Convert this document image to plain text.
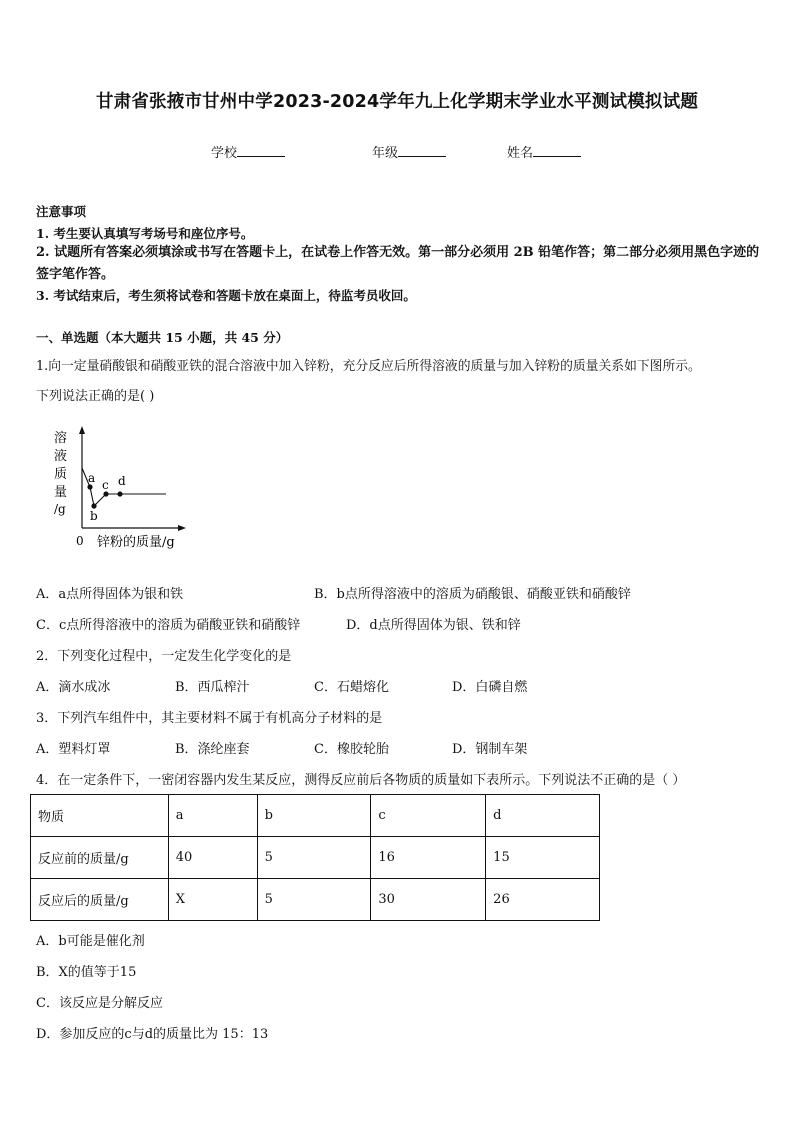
甘肃省张掖市甘州中学2023-2024学年九上化学期末学业水平测试模拟试题
学校	年级	姓名
注意事项
1. 考生要认真填写考场号和座位序号。
2. 试题所有答案必须填涂或书写在答题卡上，在试卷上作答无效。第一部分必须用 2B 铅笔作答；第二部分必须用黑色字迹的签字笔作答。
3. 考试结束后，考生须将试卷和答题卡放在桌面上，待监考员收回。
一、单选题（本大题共 15 小题，共 45 分）
1.向一定量硝酸银和硝酸亚铁的混合溶液中加入锌粉，充分反应后所得溶液的质量与加入锌粉的质量关系如下图所示。
下列说法正确的是( )
a
b
c d
溶
液
质
量
/g
0 锌粉的质量/g
A．a点所得固体为银和铁	B．b点所得溶液中的溶质为硝酸银、硝酸亚铁和硝酸锌
C．c点所得溶液中的溶质为硝酸亚铁和硝酸锌	D．d点所得固体为银、铁和锌
2．下列变化过程中，一定发生化学变化的是
A．滴水成冰	B．西瓜榨汁	C．石蜡熔化	D．白磷自燃
3．下列汽车组件中，其主要材料不属于有机高分子材料的是
A．塑料灯罩	B．涤纶座套	C．橡胶轮胎	D．钢制车架
4．在一定条件下，一密闭容器内发生某反应，测得反应前后各物质的质量如下表所示。下列说法不正确的是（ ）
物质	a	b	c	d
反应前的质量/g	40	5	16	15
反应后的质量/g	X	5	30	26
A．b可能是催化剂
B．X的值等于15
C．该反应是分解反应
D．参加反应的c与d的质量比为 15：13
